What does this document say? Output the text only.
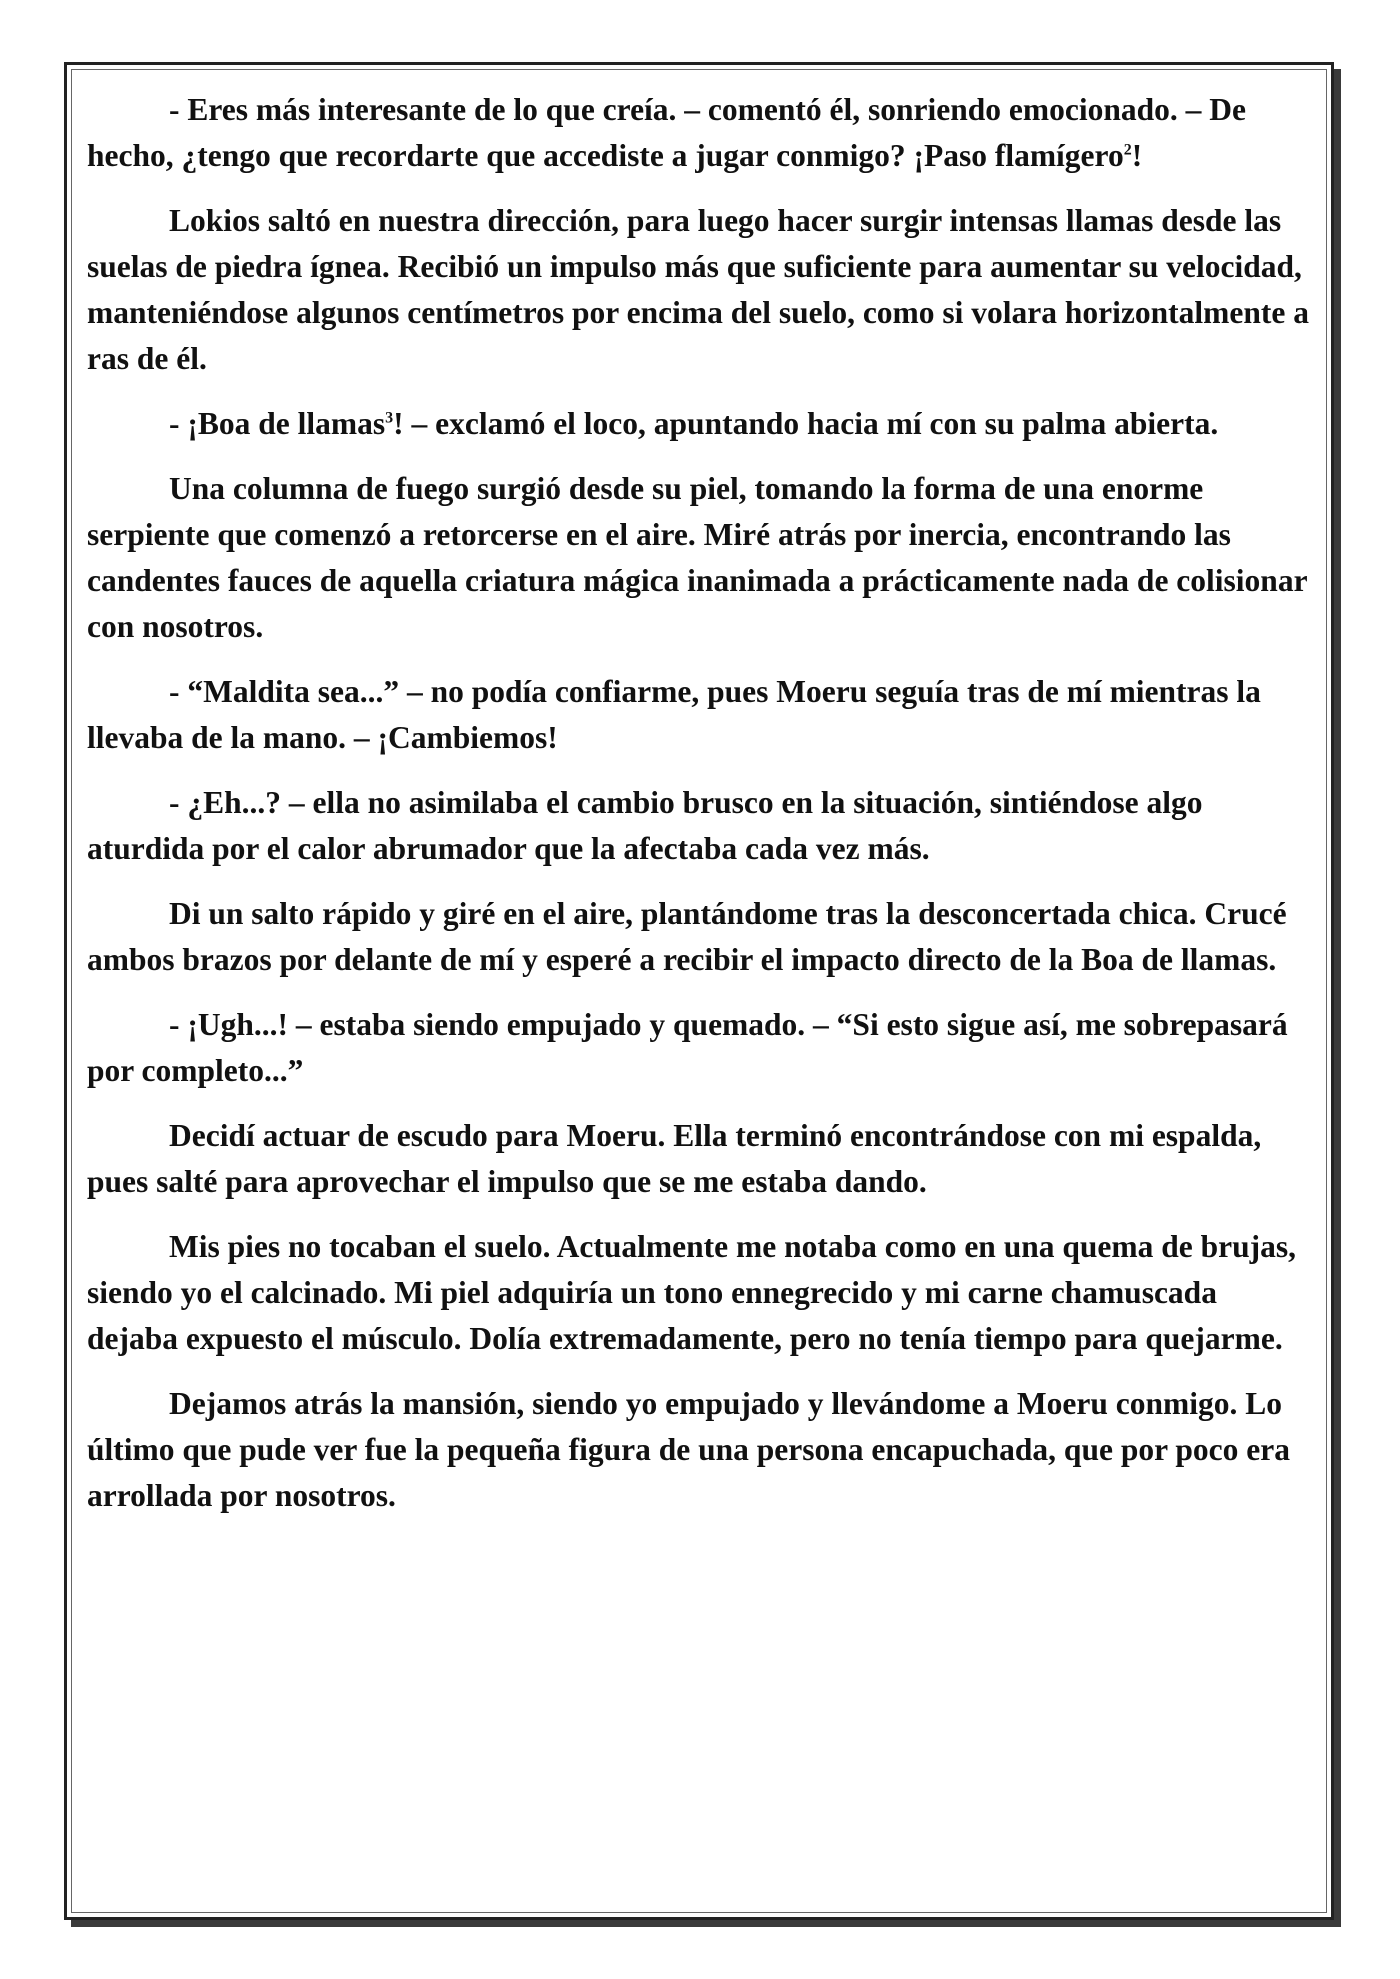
- Eres más interesante de lo que creía. – comentó él, sonriendo emocionado. – De hecho, ¿tengo que recordarte que accediste a jugar conmigo? ¡Paso flamígero$^2$!

Lokios saltó en nuestra dirección, para luego hacer surgir intensas llamas desde las suelas de piedra ígnea. Recibió un impulso más que suficiente para aumentar su velocidad, manteniéndose algunos centímetros por encima del suelo, como si volara horizontalmente a ras de él.

- ¡Boa de llamas$^3$! – exclamó el loco, apuntando hacia mí con su palma abierta.

Una columna de fuego surgió desde su piel, tomando la forma de una enorme serpiente que comenzó a retorcerse en el aire. Miré atrás por inercia, encontrando las candentes fauces de aquella criatura mágica inanimada a prácticamente nada de colisionar con nosotros.

- “Maldita sea...” – no podía confiarme, pues Moeru seguía tras de mí mientras la llevaba de la mano. – ¡Cambiemos!

- ¿Eh...? – ella no asimilaba el cambio brusco en la situación, sintiéndose algo aturdida por el calor abrumador que la afectaba cada vez más.

Di un salto rápido y giré en el aire, plantándome tras la desconcertada chica. Crucé ambos brazos por delante de mí y esperé a recibir el impacto directo de la Boa de llamas.

- ¡Ugh...! – estaba siendo empujado y quemado. – “Si esto sigue así, me sobrepasará por completo...”

Decidí actuar de escudo para Moeru. Ella terminó encontrándose con mi espalda, pues salté para aprovechar el impulso que se me estaba dando.

Mis pies no tocaban el suelo. Actualmente me notaba como en una quema de brujas, siendo yo el calcinado. Mi piel adquiría un tono ennegrecido y mi carne chamuscada dejaba expuesto el músculo. Dolía extremadamente, pero no tenía tiempo para quejarme.

Dejamos atrás la mansión, siendo yo empujado y llevándome a Moeru conmigo. Lo último que pude ver fue la pequeña figura de una persona encapuchada, que por poco era arrollada por nosotros.
